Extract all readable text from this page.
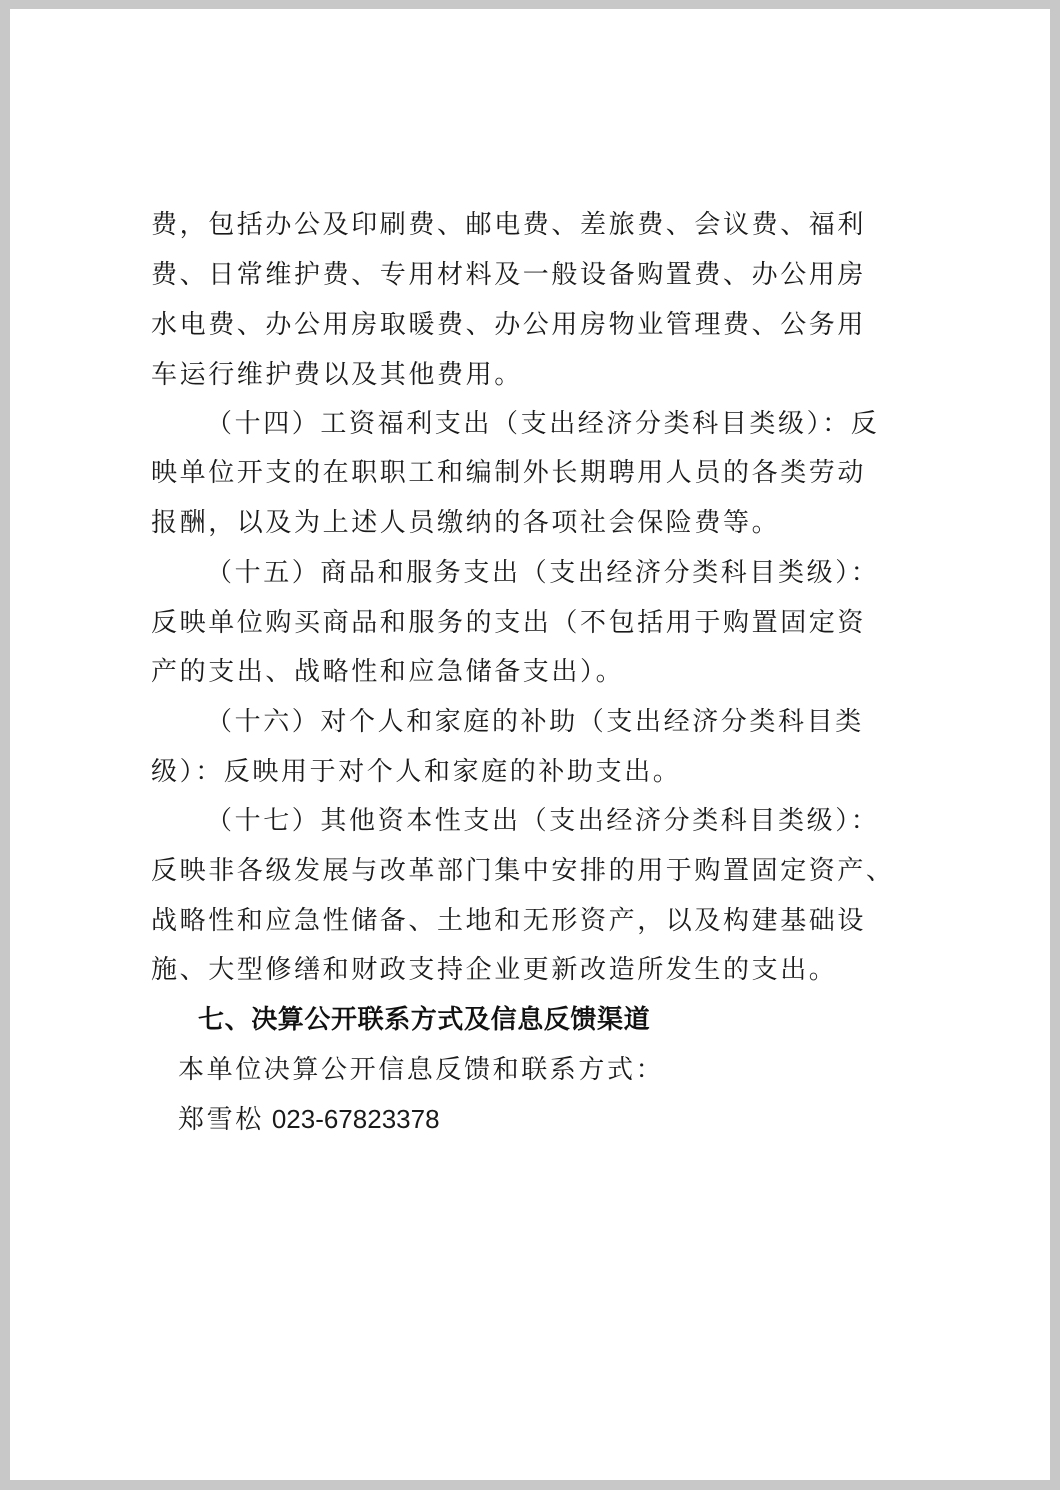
费，包括办公及印刷费、邮电费、差旅费、会议费、福利
费、日常维护费、专用材料及一般设备购置费、办公用房
水电费、办公用房取暖费、办公用房物业管理费、公务用
车运行维护费以及其他费用。
（十四）工资福利支出（支出经济分类科目类级）：反
映单位开支的在职职工和编制外长期聘用人员的各类劳动
报酬，以及为上述人员缴纳的各项社会保险费等。
（十五）商品和服务支出（支出经济分类科目类级）：
反映单位购买商品和服务的支出（不包括用于购置固定资
产的支出、战略性和应急储备支出）。
（十六）对个人和家庭的补助（支出经济分类科目类
级）：反映用于对个人和家庭的补助支出。
（十七）其他资本性支出（支出经济分类科目类级）：
反映非各级发展与改革部门集中安排的用于购置固定资产、
战略性和应急性储备、土地和无形资产，以及构建基础设
施、大型修缮和财政支持企业更新改造所发生的支出。
七、决算公开联系方式及信息反馈渠道
本单位决算公开信息反馈和联系方式：
郑雪松 023-67823378
